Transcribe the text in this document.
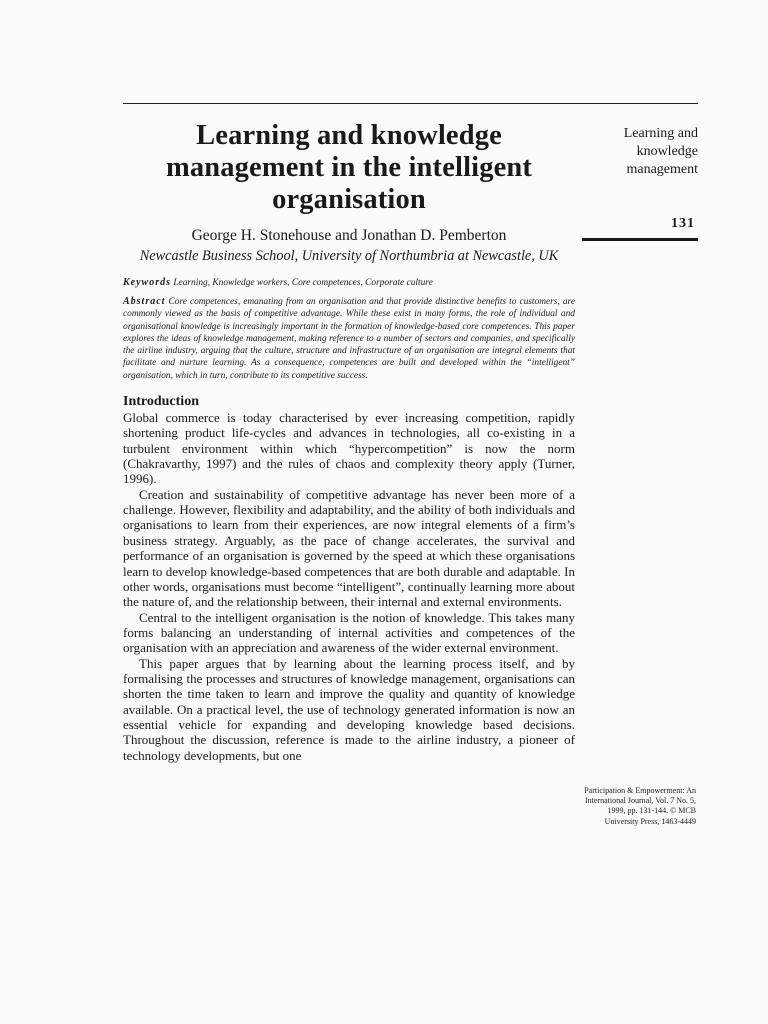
Learning and knowledge
management in the intelligent
organisation
George H. Stonehouse and Jonathan D. Pemberton
Newcastle Business School, University of Northumbria at Newcastle, UK
Keywords Learning, Knowledge workers, Core competences, Corporate culture
Abstract Core competences, emanating from an organisation and that provide distinctive benefits to customers, are commonly viewed as the basis of competitive advantage. While these exist in many forms, the role of individual and organisational knowledge is increasingly important in the formation of knowledge-based core competences. This paper explores the ideas of knowledge management, making reference to a number of sectors and companies, and specifically the airline industry, arguing that the culture, structure and infrastructure of an organisation are integral elements that facilitate and nurture learning. As a consequence, competences are built and developed within the “intelligent” organisation, which in turn, contribute to its competitive success.
Introduction

Global commerce is today characterised by ever increasing competition, rapidly shortening product life-cycles and advances in technologies, all co-existing in a turbulent environment within which “hypercompetition” is now the norm (Chakravarthy, 1997) and the rules of chaos and complexity theory apply (Turner, 1996).

Creation and sustainability of competitive advantage has never been more of a challenge. However, flexibility and adaptability, and the ability of both individuals and organisations to learn from their experiences, are now integral elements of a firm’s business strategy. Arguably, as the pace of change accelerates, the survival and performance of an organisation is governed by the speed at which these organisations learn to develop knowledge-based competences that are both durable and adaptable. In other words, organisations must become “intelligent”, continually learning more about the nature of, and the relationship between, their internal and external environments.

Central to the intelligent organisation is the notion of knowledge. This takes many forms balancing an understanding of internal activities and competences of the organisation with an appreciation and awareness of the wider external environment.

This paper argues that by learning about the learning process itself, and by formalising the processes and structures of knowledge management, organisations can shorten the time taken to learn and improve the quality and quantity of knowledge available. On a practical level, the use of technology generated information is now an essential vehicle for expanding and developing knowledge based decisions. Throughout the discussion, reference is made to the airline industry, a pioneer of technology developments, but one

Learning and
knowledge
management
131
Participation & Empowerment: An
International Journal, Vol. 7 No. 5,
1999, pp. 131-144. © MCB
University Press, 1463-4449
